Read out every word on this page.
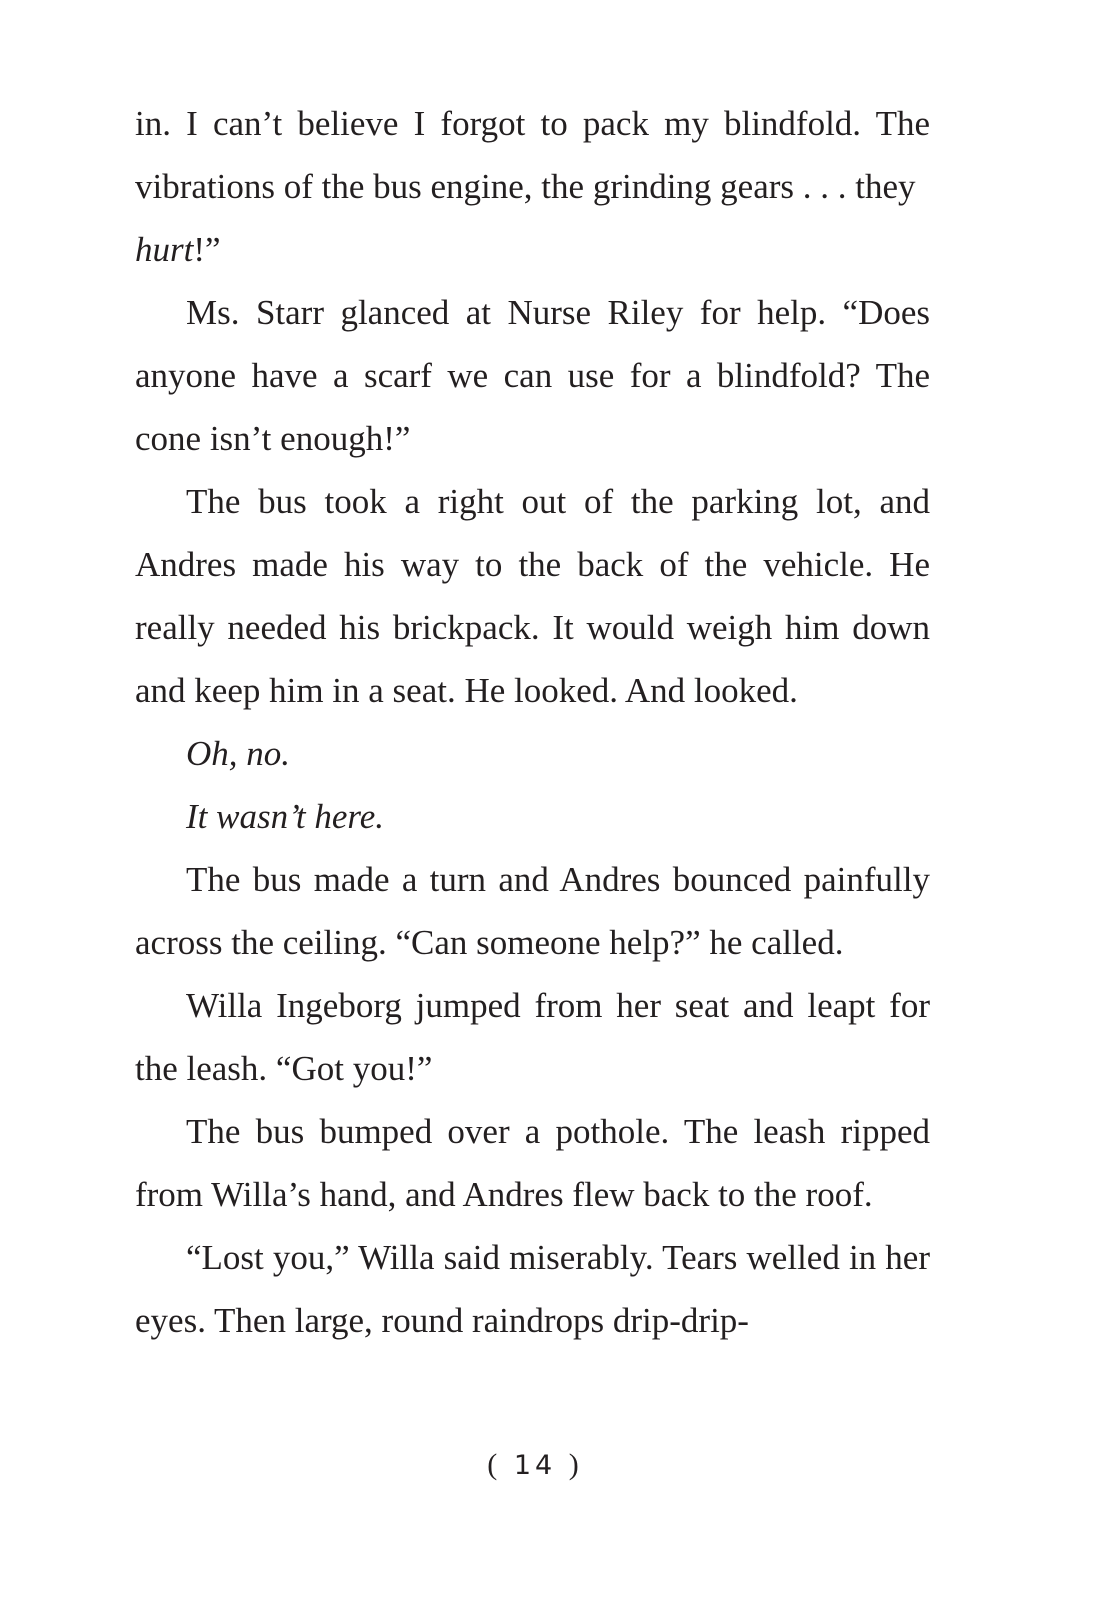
in. I can’t believe I forgot to pack my blindfold. The vibrations of the bus engine, the grinding gears . . . they
hurt!”

Ms. Starr glanced at Nurse Riley for help. “Does anyone have a scarf we can use for a blindfold? The cone isn’t enough!”

The bus took a right out of the parking lot, and Andres made his way to the back of the vehicle. He really needed his brickpack. It would weigh him down and keep him in a seat. He looked. And looked.

Oh, no.

It wasn’t here.

The bus made a turn and Andres bounced painfully across the ceiling. “Can someone help?” he called.

Willa Ingeborg jumped from her seat and leapt for the leash. “Got you!”

The bus bumped over a pothole. The leash ripped from Willa’s hand, and Andres flew back to the roof.

“Lost you,” Willa said miserably. Tears welled in her eyes. Then large, round raindrops drip-drip-

( 14 )
